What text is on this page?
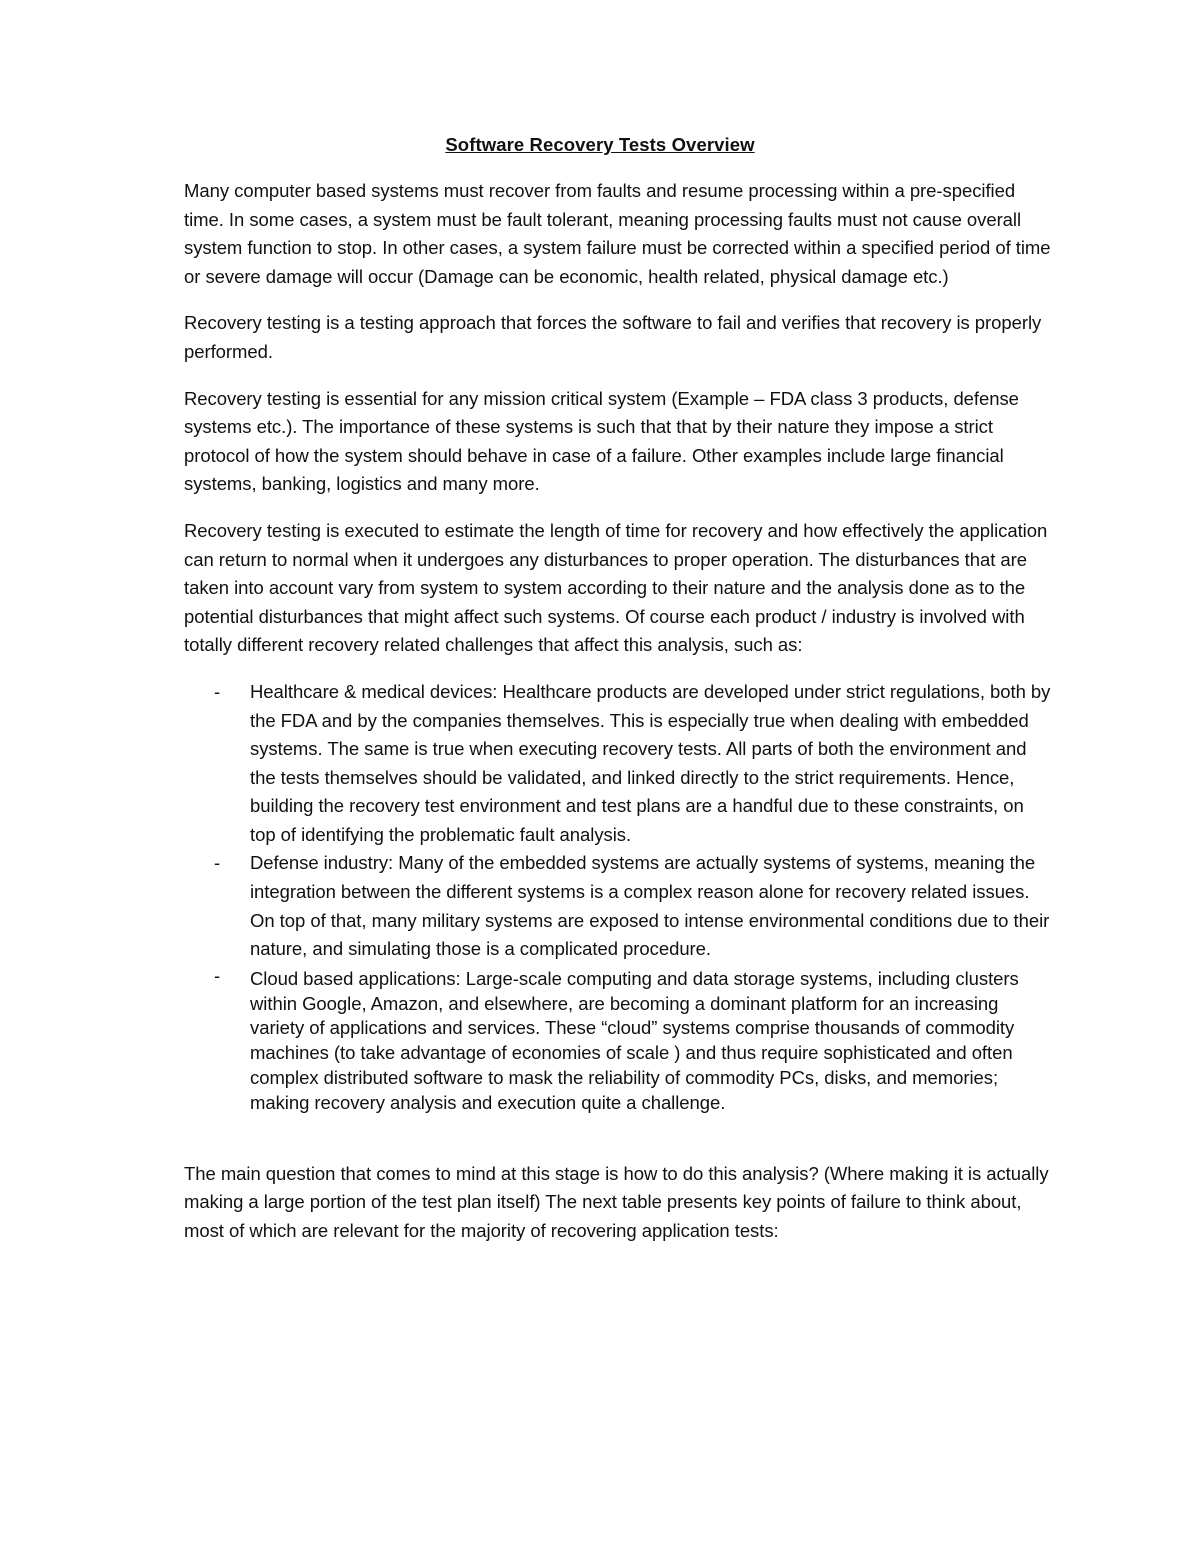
Software Recovery Tests Overview

Many computer based systems must recover from faults and resume processing within a pre-specified time. In some cases, a system must be fault tolerant, meaning processing faults must not cause overall system function to stop. In other cases, a system failure must be corrected within a specified period of time or severe damage will occur (Damage can be economic, health related, physical damage etc.)

Recovery testing is a testing approach that forces the software to fail and verifies that recovery is properly performed.

Recovery testing is essential for any mission critical system (Example – FDA class 3 products, defense systems etc.). The importance of these systems is such that that by their nature they impose a strict protocol of how the system should behave in case of a failure. Other examples include large financial systems, banking, logistics and many more.

Recovery testing is executed to estimate the length of time for recovery and how effectively the application can return to normal when it undergoes any disturbances to proper operation. The disturbances that are taken into account vary from system to system according to their nature and the analysis done as to the potential disturbances that might affect such systems. Of course each product / industry is involved with totally different recovery related challenges that affect this analysis, such as:

- Healthcare & medical devices: Healthcare products are developed under strict regulations, both by the FDA and by the companies themselves. This is especially true when dealing with embedded systems. The same is true when executing recovery tests. All parts of both the environment and the tests themselves should be validated, and linked directly to the strict requirements. Hence, building the recovery test environment and test plans are a handful due to these constraints, on top of identifying the problematic fault analysis.
- Defense industry: Many of the embedded systems are actually systems of systems, meaning the integration between the different systems is a complex reason alone for recovery related issues. On top of that, many military systems are exposed to intense environmental conditions due to their nature, and simulating those is a complicated procedure.
- Cloud based applications: Large-scale computing and data storage systems, including clusters within Google, Amazon, and elsewhere, are becoming a dominant platform for an increasing variety of applications and services. These “cloud” systems comprise thousands of commodity machines (to take advantage of economies of scale ) and thus require sophisticated and often complex distributed software to mask the reliability of commodity PCs, disks, and memories; making recovery analysis and execution quite a challenge.

The main question that comes to mind at this stage is how to do this analysis? (Where making it is actually making a large portion of the test plan itself) The next table presents key points of failure to think about, most of which are relevant for the majority of recovering application tests:
